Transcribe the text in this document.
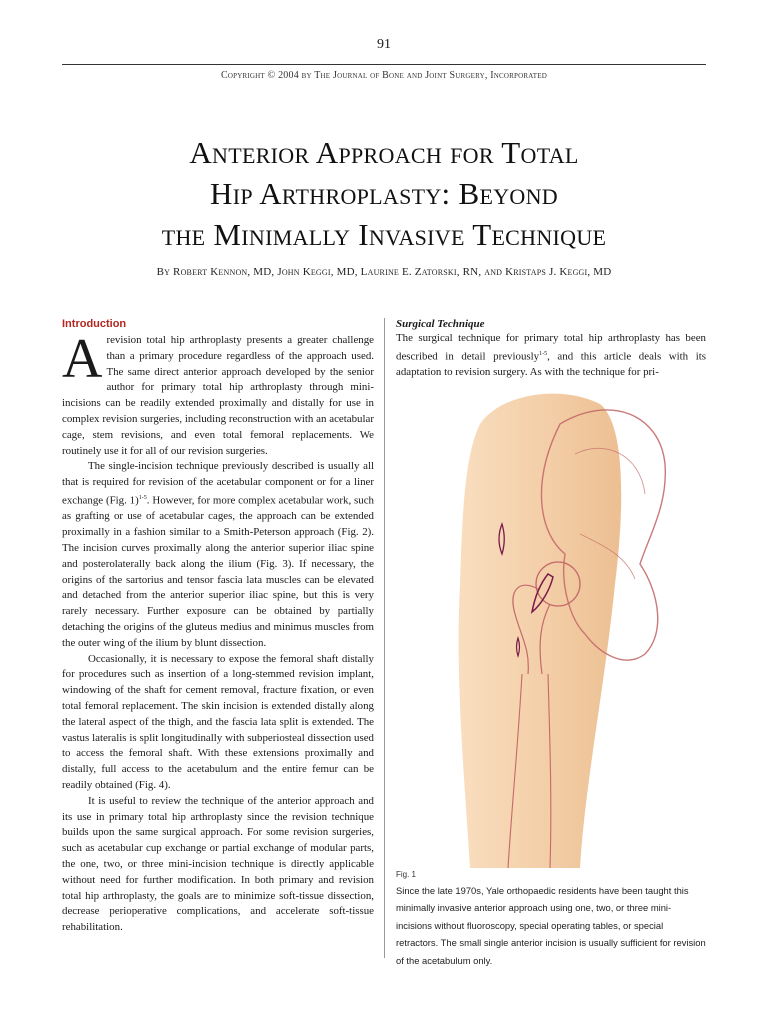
91
Copyright © 2004 by The Journal of Bone and Joint Surgery, Incorporated
Anterior Approach for Total
Hip Arthroplasty: Beyond
the Minimally Invasive Technique
By Robert Kennon, MD, John Keggi, MD, Laurine E. Zatorski, RN, and Kristaps J. Keggi, MD
Introduction

Arevision total hip arthroplasty presents a greater challenge than a primary procedure regardless of the approach used. The same direct anterior approach developed by the senior author for primary total hip arthroplasty through mini-incisions can be readily extended proximally and distally for use in complex revision surgeries, including reconstruction with an acetabular cage, stem revisions, and even total femoral replacements. We routinely use it for all of our revision surgeries.

The single-incision technique previously described is usually all that is required for revision of the acetabular component or for a liner exchange (Fig. 1)$^{1-5}$. However, for more complex acetabular work, such as grafting or use of acetabular cages, the approach can be extended proximally in a fashion similar to a Smith-Peterson approach (Fig. 2). The incision curves proximally along the anterior superior iliac spine and posterolaterally back along the ilium (Fig. 3). If necessary, the origins of the sartorius and tensor fascia lata muscles can be elevated and detached from the anterior superior iliac spine, but this is very rarely necessary. Further exposure can be obtained by partially detaching the origins of the gluteus medius and minimus muscles from the outer wing of the ilium by blunt dissection.

Occasionally, it is necessary to expose the femoral shaft distally for procedures such as insertion of a long-stemmed revision implant, windowing of the shaft for cement removal, fracture fixation, or even total femoral replacement. The skin incision is extended distally along the lateral aspect of the thigh, and the fascia lata split is extended. The vastus lateralis is split longitudinally with subperiosteal dissection used to access the femoral shaft. With these extensions proximally and distally, full access to the acetabulum and the entire femur can be readily obtained (Fig. 4).

It is useful to review the technique of the anterior approach and its use in primary total hip arthroplasty since the revision technique builds upon the same surgical approach. For some revision surgeries, such as acetabular cup exchange or partial exchange of modular parts, the one, two, or three mini-incision technique is directly applicable without need for further modification. In both primary and revision total hip arthroplasty, the goals are to minimize soft-tissue dissection, decrease perioperative complications, and accelerate soft-tissue rehabilitation.

Surgical Technique

The surgical technique for primary total hip arthroplasty has been described in detail previously$^{1-5}$, and this article deals with its adaptation to revision surgery. As with the technique for pri-

Fig. 1
Since the late 1970s, Yale orthopaedic residents have been taught this minimally invasive anterior approach using one, two, or three mini-incisions without fluoroscopy, special operating tables, or special retractors. The small single anterior incision is usually sufficient for revision of the acetabulum only.
